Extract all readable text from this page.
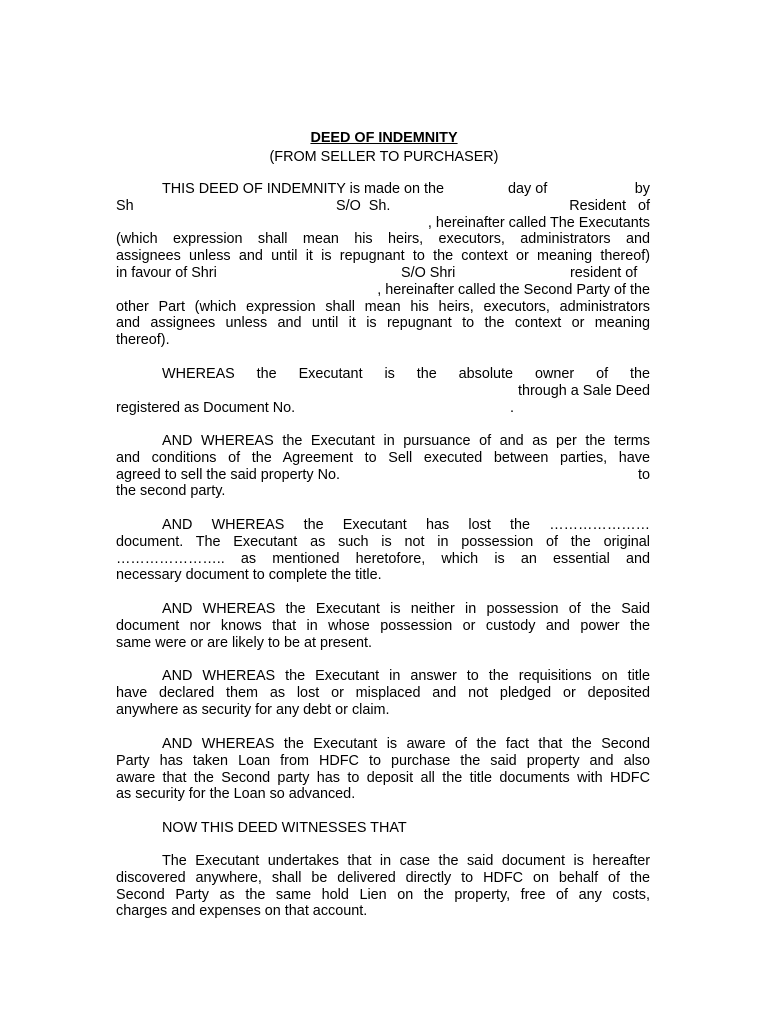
DEED OF INDEMNITY
(FROM SELLER TO PURCHASER)
THIS DEED OF INDEMNITY is made on the	day of	by
Sh	S/O  Sh.	Resident   of
, hereinafter called The Executants
(which expression shall mean his heirs, executors, administrators and
assignees unless and until it is repugnant to the context or meaning thereof)
in favour of Shri	S/O Shri	resident of
, hereinafter called the Second Party of the
other Part (which expression shall mean his heirs, executors, administrators
and assignees unless and until it is repugnant to the context or meaning
thereof).
WHEREAS the Executant is the absolute owner of the
through a Sale Deed
registered as Document No.	.
AND WHEREAS the Executant in pursuance of and as per the terms
and conditions of the Agreement to Sell executed between parties, have
agreed to sell the said property No.	to
the second party.
AND WHEREAS the Executant has lost the …………………
document. The Executant as such is not in possession of the original
………………….. as mentioned heretofore, which is an essential and
necessary document to complete the title.
AND WHEREAS the Executant is neither in possession of the Said
document nor knows that in whose possession or custody and power the
same were or are likely to be at present.
AND WHEREAS the Executant in answer to the requisitions on title
have declared them as lost or misplaced and not pledged or deposited
anywhere as security for any debt or claim.
AND WHEREAS the Executant is aware of the fact that the Second
Party has taken Loan from HDFC to purchase the said property and also
aware that the Second party has to deposit all the title documents with HDFC
as security for the Loan so advanced.
NOW THIS DEED WITNESSES THAT
The Executant undertakes that in case the said document is hereafter
discovered anywhere, shall be delivered directly to HDFC on behalf of the
Second Party as the same hold Lien on the property, free of any costs,
charges and expenses on that account.
